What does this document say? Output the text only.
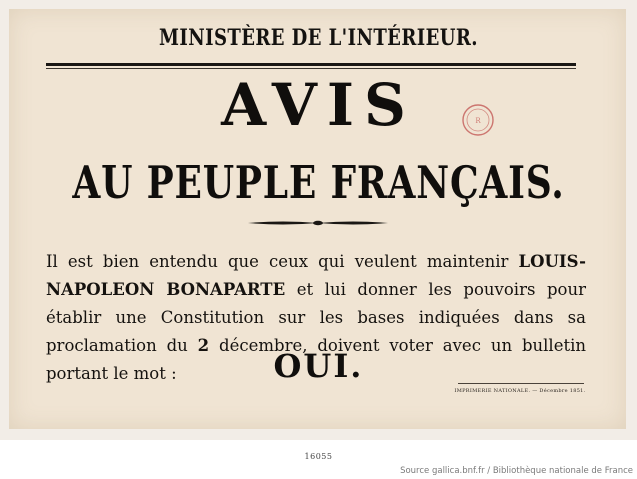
MINISTÈRE DE L'INTÉRIEUR.
R
AVIS
AU PEUPLE FRANÇAIS.

Il est bien entendu que ceux qui veulent maintenir LOUIS-NAPOLEON BONAPARTE et lui donner les pouvoirs pour établir une Constitution sur les bases indiquées dans sa proclamation du 2 décembre, doivent voter avec un bulletin portant le mot :	OUI.
IMPRIMERIE NATIONALE. — Décembre 1851.
16055
Source gallica.bnf.fr / Bibliothèque nationale de France
